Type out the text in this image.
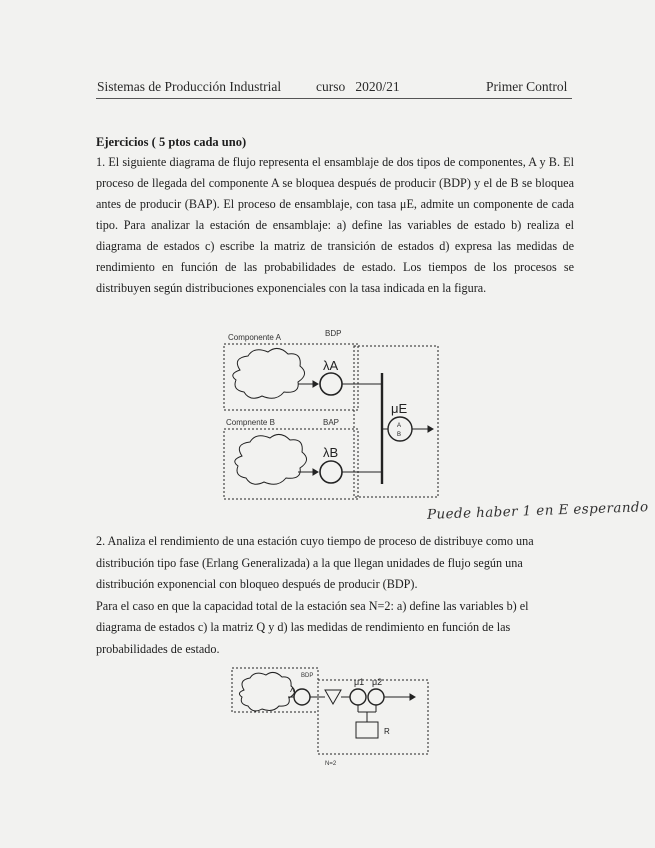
Sistemas de Producción Industrial	curso   2020/21	Primer Control
Ejercicios ( 5 ptos cada uno)
1. El siguiente diagrama de flujo representa el ensamblaje de dos tipos de componentes, A y B. El proceso de llegada del componente A se bloquea después de producir (BDP) y el de B se bloquea antes de producir (BAP). El proceso de ensamblaje, con tasa μE, admite un componente de cada tipo. Para analizar la estación de ensamblaje: a) define las variables de estado b) realiza el diagrama de estados c) escribe la matriz de transición de estados d) expresa las medidas de rendimiento en función de las probabilidades de estado. Los tiempos de los procesos se distribuyen según distribuciones exponenciales con la tasa indicada en la figura.
Componente A	BDP
λA
Compnente B	BAP
λB
μE
A
B
Puede haber 1 en E esperando
2. Analiza el rendimiento de una estación cuyo tiempo de proceso de distribuye como una
distribución tipo fase (Erlang Generalizada) a la que llegan unidades de flujo según una
distribución exponencial con bloqueo después de producir (BDP).
Para el caso en que la capacidad total de la estación sea N=2: a) define las variables b) el
diagrama de estados c) la matriz Q y d) las medidas de rendimiento en función de las
probabilidades de estado.
BDP
λ
μ1 μ2
R
N=2
